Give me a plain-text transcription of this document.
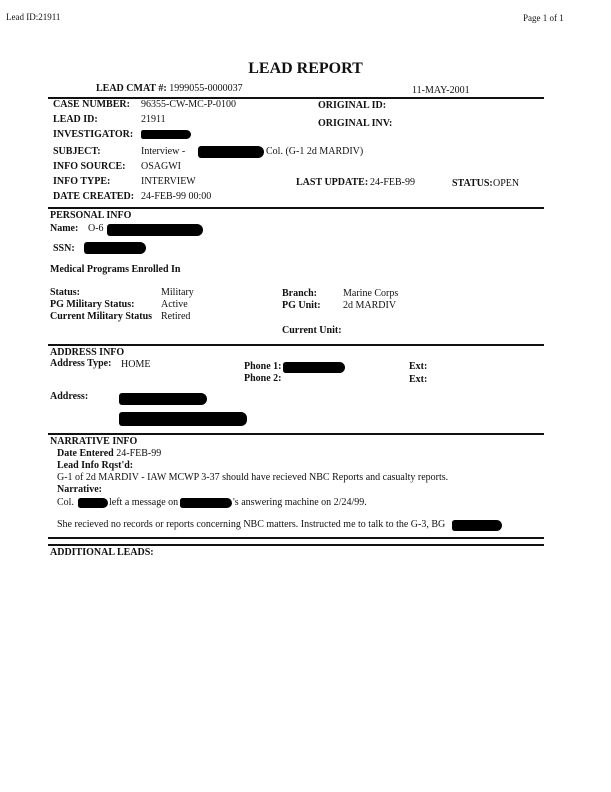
Lead ID:21911	Page 1 of 1
LEAD REPORT
LEAD CMAT #: 1999055-0000037	11-MAY-2001
CASE NUMBER: 96355-CW-MC-P-0100	ORIGINAL ID:
LEAD ID:	21911	ORIGINAL INV:
INVESTIGATOR:
SUBJECT:	Interview -	Col. (G-1 2d MARDIV)
INFO SOURCE: OSAGWI
INFO TYPE:	INTERVIEW	LAST UPDATE: 24-FEB-99	STATUS: OPEN
DATE CREATED: 24-FEB-99 00:00
PERSONAL INFO
Name: O-6
SSN:
Medical Programs Enrolled In
Status:	Military	Branch:	Marine Corps
PG Military Status:	Active	PG Unit: 2d MARDIV
Current Military Status Retired
Current Unit:
ADDRESS INFO
Address Type: HOME	Phone 1:	Ext:
Phone 2:	Ext:
Address:
NARRATIVE INFO
Date Entered 24-FEB-99
Lead Info Rqst'd:
G-1 of 2d MARDIV - IAW MCWP 3-37 should have recieved NBC Reports and casualty reports.
Narrative:
Col.	left a message on	's answering machine on 2/24/99.
She recieved no records or reports concerning NBC matters. Instructed me to talk to the G-3, BG
ADDITIONAL LEADS:
